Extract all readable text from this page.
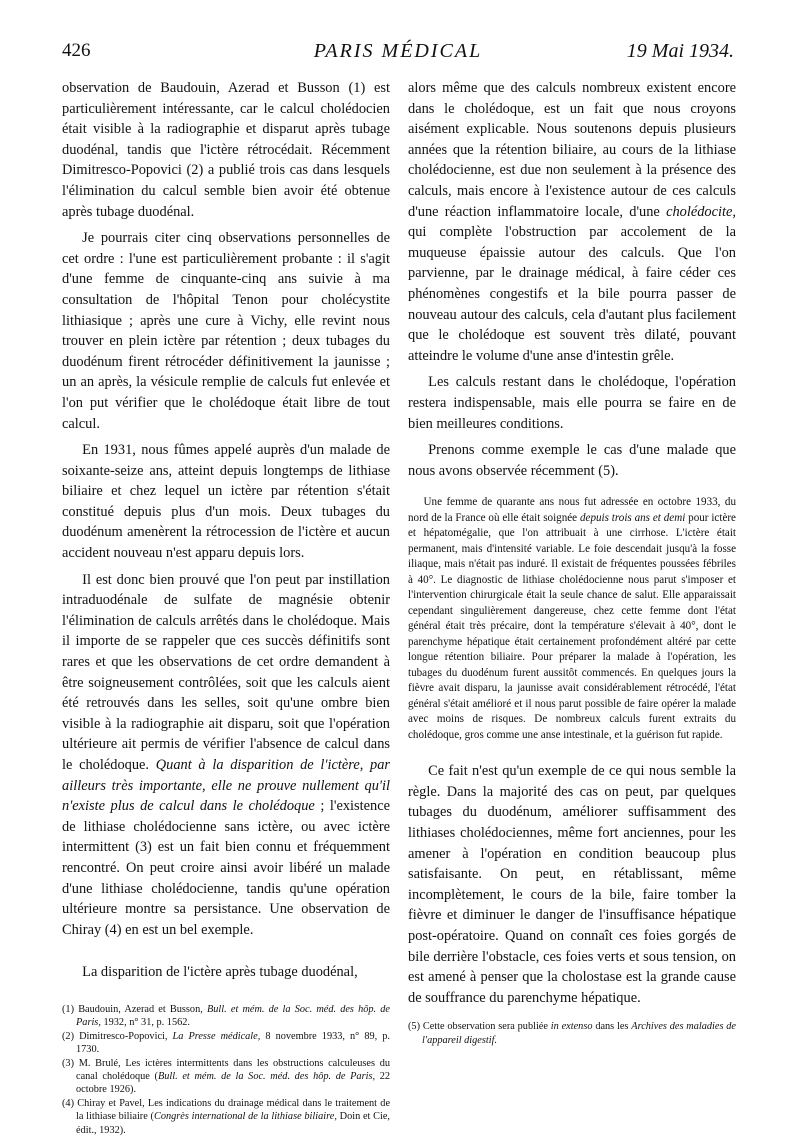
426	PARIS MÉDICAL	19 Mai 1934.

observation de Baudouin, Azerad et Busson (1) est particulièrement intéressante, car le calcul cholédocien était visible à la radiographie et disparut après tubage duodénal, tandis que l'ictère rétrocédait. Récemment Dimitresco-Popovici (2) a publié trois cas dans lesquels l'élimination du calcul semble bien avoir été obtenue après tubage duodénal.

Je pourrais citer cinq observations personnelles de cet ordre : l'une est particulièrement probante : il s'agit d'une femme de cinquante-cinq ans suivie à ma consultation de l'hôpital Tenon pour cholécystite lithiasique ; après une cure à Vichy, elle revint nous trouver en plein ictère par rétention ; deux tubages du duodénum firent rétrocéder définitivement la jaunisse ; un an après, la vésicule remplie de calculs fut enlevée et l'on put vérifier que le cholédoque était libre de tout calcul.

En 1931, nous fûmes appelé auprès d'un malade de soixante-seize ans, atteint depuis longtemps de lithiase biliaire et chez lequel un ictère par rétention s'était constitué depuis plus d'un mois. Deux tubages du duodénum amenèrent la rétrocession de l'ictère et aucun accident nouveau n'est apparu depuis lors.

Il est donc bien prouvé que l'on peut par instillation intraduodénale de sulfate de magnésie obtenir l'élimination de calculs arrêtés dans le cholédoque. Mais il importe de se rappeler que ces succès définitifs sont rares et que les observations de cet ordre demandent à être soigneusement contrôlées, soit que les calculs aient été retrouvés dans les selles, soit qu'une ombre bien visible à la radiographie ait disparu, soit que l'opération ultérieure ait permis de vérifier l'absence de calcul dans le cholédoque. Quant à la disparition de l'ictère, par ailleurs très importante, elle ne prouve nullement qu'il n'existe plus de calcul dans le cholédoque ; l'existence de lithiase cholédocienne sans ictère, ou avec ictère intermittent (3) est un fait bien connu et fréquemment rencontré. On peut croire ainsi avoir libéré un malade d'une lithiase cholédocienne, tandis qu'une opération ultérieure montre sa persistance. Une observation de Chiray (4) en est un bel exemple.

La disparition de l'ictère après tubage duodénal,

(1) Baudouin, Azerad et Busson, Bull. et mém. de la Soc. méd. des hôp. de Paris, 1932, n° 31, p. 1562.

(2) Dimitresco-Popovici, La Presse médicale, 8 novembre 1933, n° 89, p. 1730.

(3) M. Brulé, Les ictères intermittents dans les obstructions calculeuses du canal cholédoque (Bull. et mém. de la Soc. méd. des hôp. de Paris, 22 octobre 1926).

(4) Chiray et Pavel, Les indications du drainage médical dans le traitement de la lithiase biliaire (Congrès international de la lithiase biliaire, Doin et Cie, édit., 1932).

alors même que des calculs nombreux existent encore dans le cholédoque, est un fait que nous croyons aisément explicable. Nous soutenons depuis plusieurs années que la rétention biliaire, au cours de la lithiase cholédocienne, est due non seulement à la présence des calculs, mais encore à l'existence autour de ces calculs d'une réaction inflammatoire locale, d'une cholédocite, qui complète l'obstruction par accolement de la muqueuse épaissie autour des calculs. Que l'on parvienne, par le drainage médical, à faire céder ces phénomènes congestifs et la bile pourra passer de nouveau autour des calculs, cela d'autant plus facilement que le cholédoque est souvent très dilaté, pouvant atteindre le volume d'une anse d'intestin grêle.

Les calculs restant dans le cholédoque, l'opération restera indispensable, mais elle pourra se faire en de bien meilleures conditions.

Prenons comme exemple le cas d'une malade que nous avons observée récemment (5).

Une femme de quarante ans nous fut adressée en octobre 1933, du nord de la France où elle était soignée depuis trois ans et demi pour ictère et hépatomégalie, que l'on attribuait à une cirrhose. L'ictère était permanent, mais d'intensité variable. Le foie descendait jusqu'à la fosse iliaque, mais n'était pas induré. Il existait de fréquentes poussées fébriles à 40°. Le diagnostic de lithiase cholédocienne nous parut s'imposer et l'intervention chirurgicale était la seule chance de salut. Elle apparaissait cependant singulièrement dangereuse, chez cette femme dont l'état général était très précaire, dont la température s'élevait à 40°, dont le parenchyme hépatique était certainement profondément altéré par cette longue rétention biliaire. Pour préparer la malade à l'opération, les tubages du duodénum furent aussitôt commencés. En quelques jours la fièvre avait disparu, la jaunisse avait considérablement rétrocédé, l'état général s'était amélioré et il nous parut possible de faire opérer la malade avec moins de risques. De nombreux calculs furent extraits du cholédoque, gros comme une anse intestinale, et la guérison fut rapide.

Ce fait n'est qu'un exemple de ce qui nous semble la règle. Dans la majorité des cas on peut, par quelques tubages du duodénum, améliorer suffisamment des lithiases cholédociennes, même fort anciennes, pour les amener à l'opération en condition beaucoup plus satisfaisante. On peut, en rétablissant, même incomplètement, le cours de la bile, faire tomber la fièvre et diminuer le danger de l'insuffisance hépatique post-opératoire. Quand on connaît ces foies gorgés de bile derrière l'obstacle, ces foies verts et sous tension, on est amené à penser que la cholostase est la grande cause de souffrance du parenchyme hépatique.

(5) Cette observation sera publiée in extenso dans les Archives des maladies de l'appareil digestif.
